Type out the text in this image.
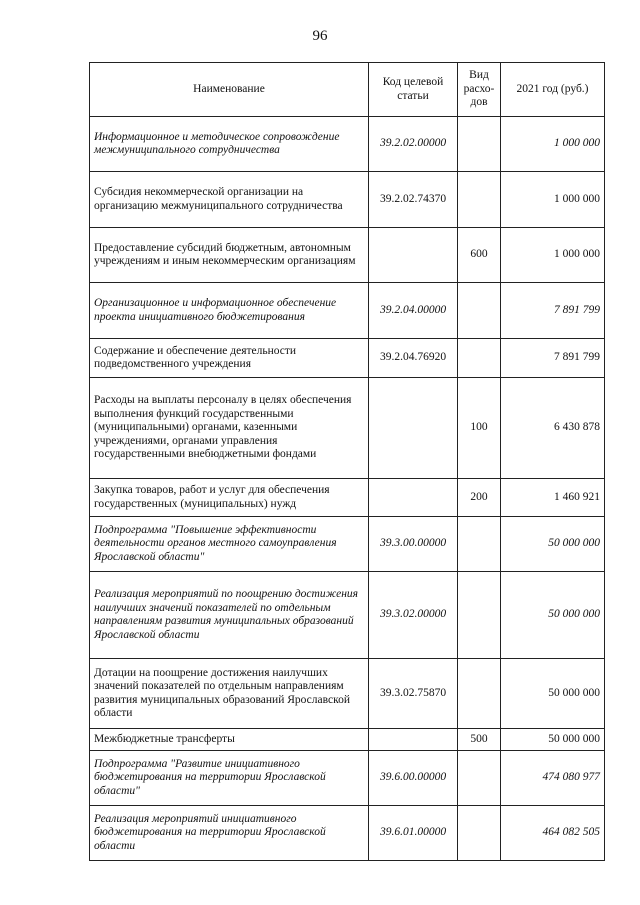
96
Наименование	Код целевой статьи	Вид расхо-дов	2021 год (руб.)
Информационное и методическое сопровождение межмуниципального сотрудничества	39.2.02.00000		1 000 000
Субсидия некоммерческой организации на организацию межмуниципального сотрудничества	39.2.02.74370		1 000 000
Предоставление субсидий бюджетным, автономным учреждениям и иным некоммерческим организациям		600	1 000 000
Организационное и информационное обеспечение проекта инициативного бюджетирования	39.2.04.00000		7 891 799
Содержание и обеспечение деятельности подведомственного учреждения	39.2.04.76920		7 891 799
Расходы на выплаты персоналу в целях обеспечения выполнения функций государственными (муниципальными) органами, казенными учреждениями, органами управления государственными внебюджетными фондами		100	6 430 878
Закупка товаров, работ и услуг для обеспечения государственных (муниципальных) нужд		200	1 460 921
Подпрограмма "Повышение эффективности деятельности органов местного самоуправления Ярославской области"	39.3.00.00000		50 000 000
Реализация мероприятий по поощрению достижения наилучших значений показателей по отдельным направлениям развития муниципальных образований Ярославской области	39.3.02.00000		50 000 000
Дотации на поощрение достижения наилучших значений показателей по отдельным направлениям развития муниципальных образований Ярославской области	39.3.02.75870		50 000 000
Межбюджетные трансферты		500	50 000 000
Подпрограмма "Развитие инициативного бюджетирования на территории Ярославской области"	39.6.00.00000		474 080 977
Реализация мероприятий инициативного бюджетирования на территории Ярославской области	39.6.01.00000		464 082 505
